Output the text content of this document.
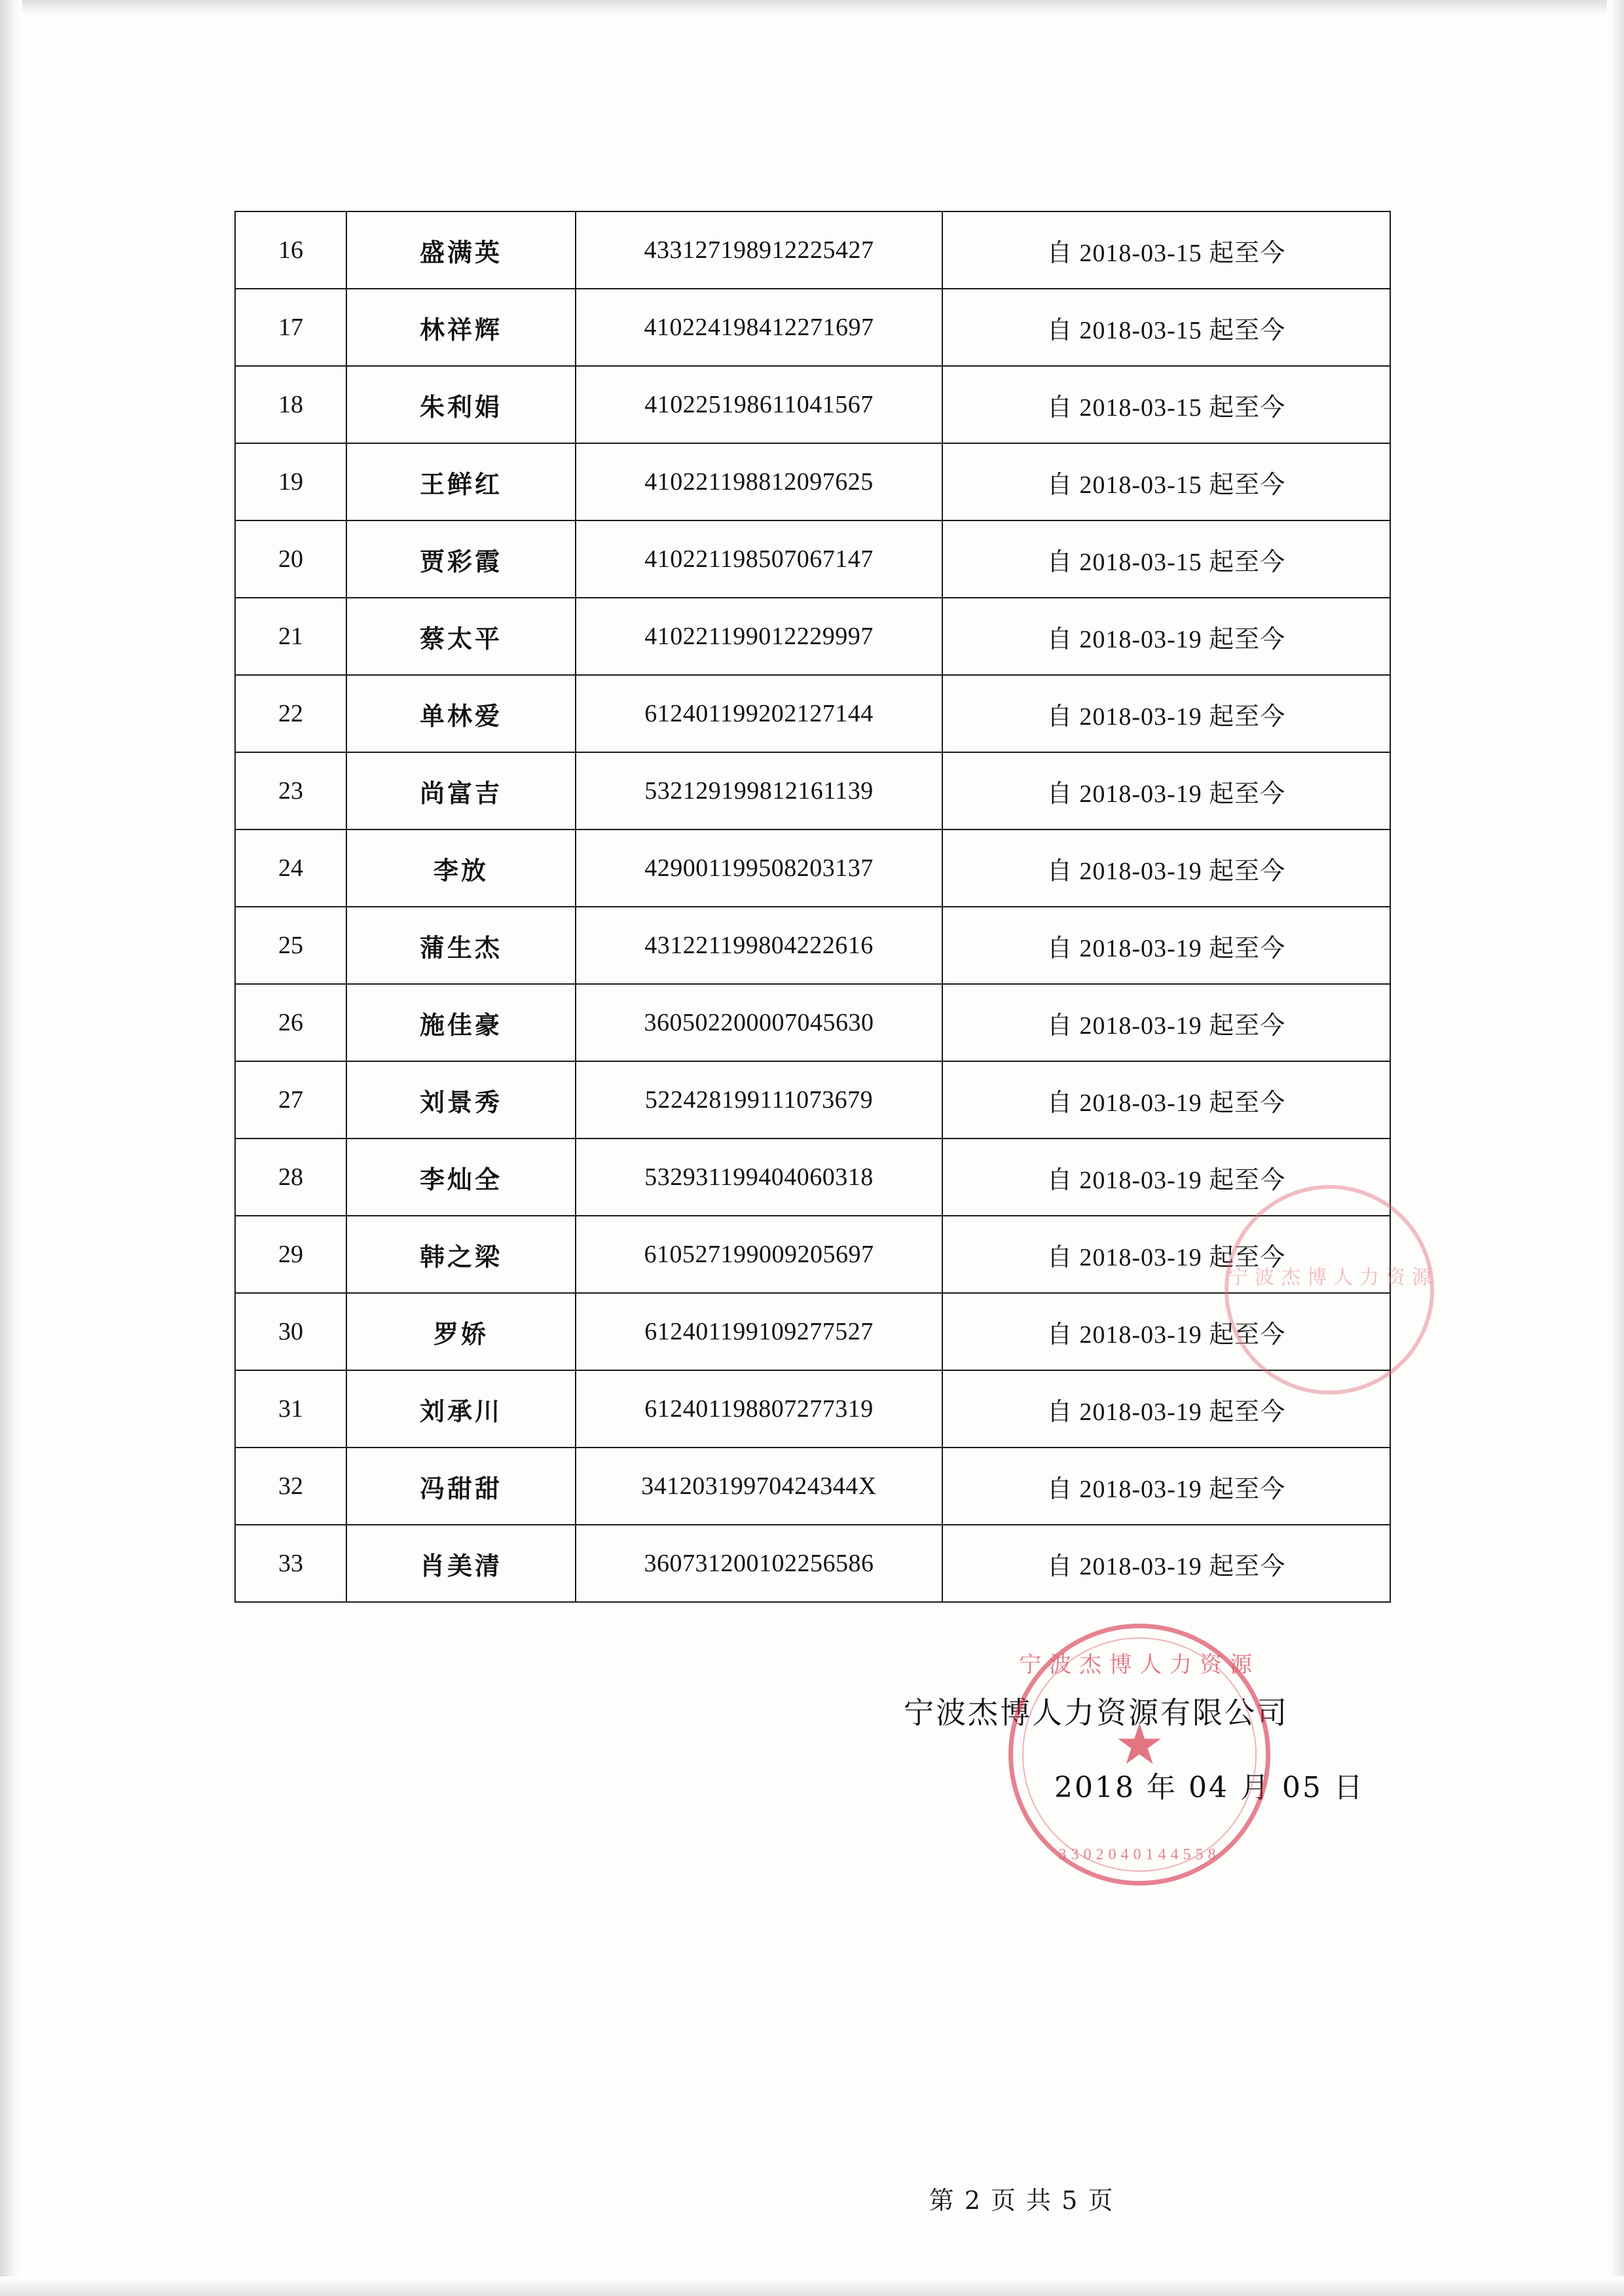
16	盛满英	433127198912225427	自 2018-03-15 起至今
17	林祥辉	410224198412271697	自 2018-03-15 起至今
18	朱利娟	410225198611041567	自 2018-03-15 起至今
19	王鲜红	410221198812097625	自 2018-03-15 起至今
20	贾彩霞	410221198507067147	自 2018-03-15 起至今
21	蔡太平	410221199012229997	自 2018-03-19 起至今
22	单林爱	612401199202127144	自 2018-03-19 起至今
23	尚富吉	532129199812161139	自 2018-03-19 起至今
24	李放	429001199508203137	自 2018-03-19 起至今
25	蒲生杰	431221199804222616	自 2018-03-19 起至今
26	施佳豪	360502200007045630	自 2018-03-19 起至今
27	刘景秀	522428199111073679	自 2018-03-19 起至今
28	李灿全	532931199404060318	自 2018-03-19 起至今
29	韩之梁	610527199009205697	自 2018-03-19 起至今
30	罗娇	612401199109277527	自 2018-03-19 起至今
31	刘承川	612401198807277319	自 2018-03-19 起至今
32	冯甜甜	34120319970424344X	自 2018-03-19 起至今
33	肖美清	360731200102256586	自 2018-03-19 起至今
宁波杰博人力资源
宁波杰博人力资源有限公司
2018 年 04 月 05 日
宁波杰博人力资源
★
3302040144558
第 2 页 共 5 页
